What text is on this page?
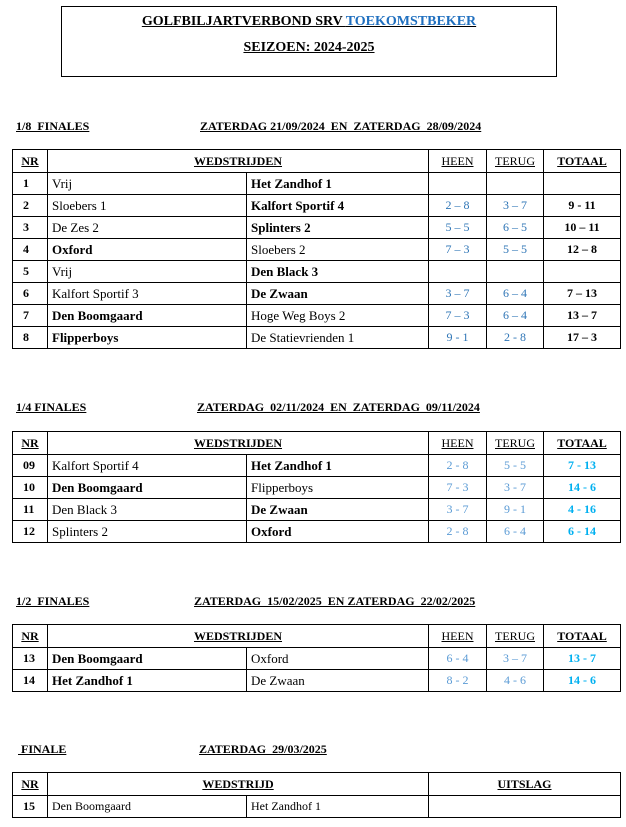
GOLFBILJARTVERBOND SRV TOEKOMSTBEKER
SEIZOEN: 2024-2025
1/8  FINALES	ZATERDAG 21/09/2024  EN  ZATERDAG  28/09/2024
NR	WEDSTRIJDEN		HEEN	TERUG	TOTAAL
1	Vrij	Het Zandhof 1			
2	Sloebers 1	Kalfort Sportif 4	2 – 8	3 – 7	9 - 11
3	De Zes 2	Splinters 2	5 – 5	6 – 5	10 – 11
4	Oxford	Sloebers 2	7 – 3	5 – 5	12 – 8
5	Vrij	Den Black 3			
6	Kalfort Sportif 3	De Zwaan	3 – 7	6 – 4	7 – 13
7	Den Boomgaard	Hoge Weg Boys 2	7 – 3	6 – 4	13 – 7
8	Flipperboys	De Statievrienden 1	9 - 1	2 - 8	17 – 3
1/4 FINALES	ZATERDAG  02/11/2024  EN  ZATERDAG  09/11/2024
NR	WEDSTRIJDEN		HEEN	TERUG	TOTAAL
09	Kalfort Sportif 4	Het Zandhof 1	2 - 8	5 - 5	7 - 13
10	Den Boomgaard	Flipperboys	7 - 3	3 - 7	14 - 6
11	Den Black 3	De Zwaan	3 - 7	9 - 1	4 - 16
12	Splinters 2	Oxford	2 - 8	6 - 4	6 - 14
1/2  FINALES	ZATERDAG  15/02/2025  EN ZATERDAG  22/02/2025
NR	WEDSTRIJDEN		HEEN	TERUG	TOTAAL
13	Den Boomgaard	Oxford	6 - 4	3 – 7	13 - 7
14	Het Zandhof 1	De Zwaan	8 - 2	4 - 6	14 - 6
FINALE	ZATERDAG  29/03/2025
NR	WEDSTRIJD		UITSLAG
15	Den Boomgaard	Het Zandhof 1	
